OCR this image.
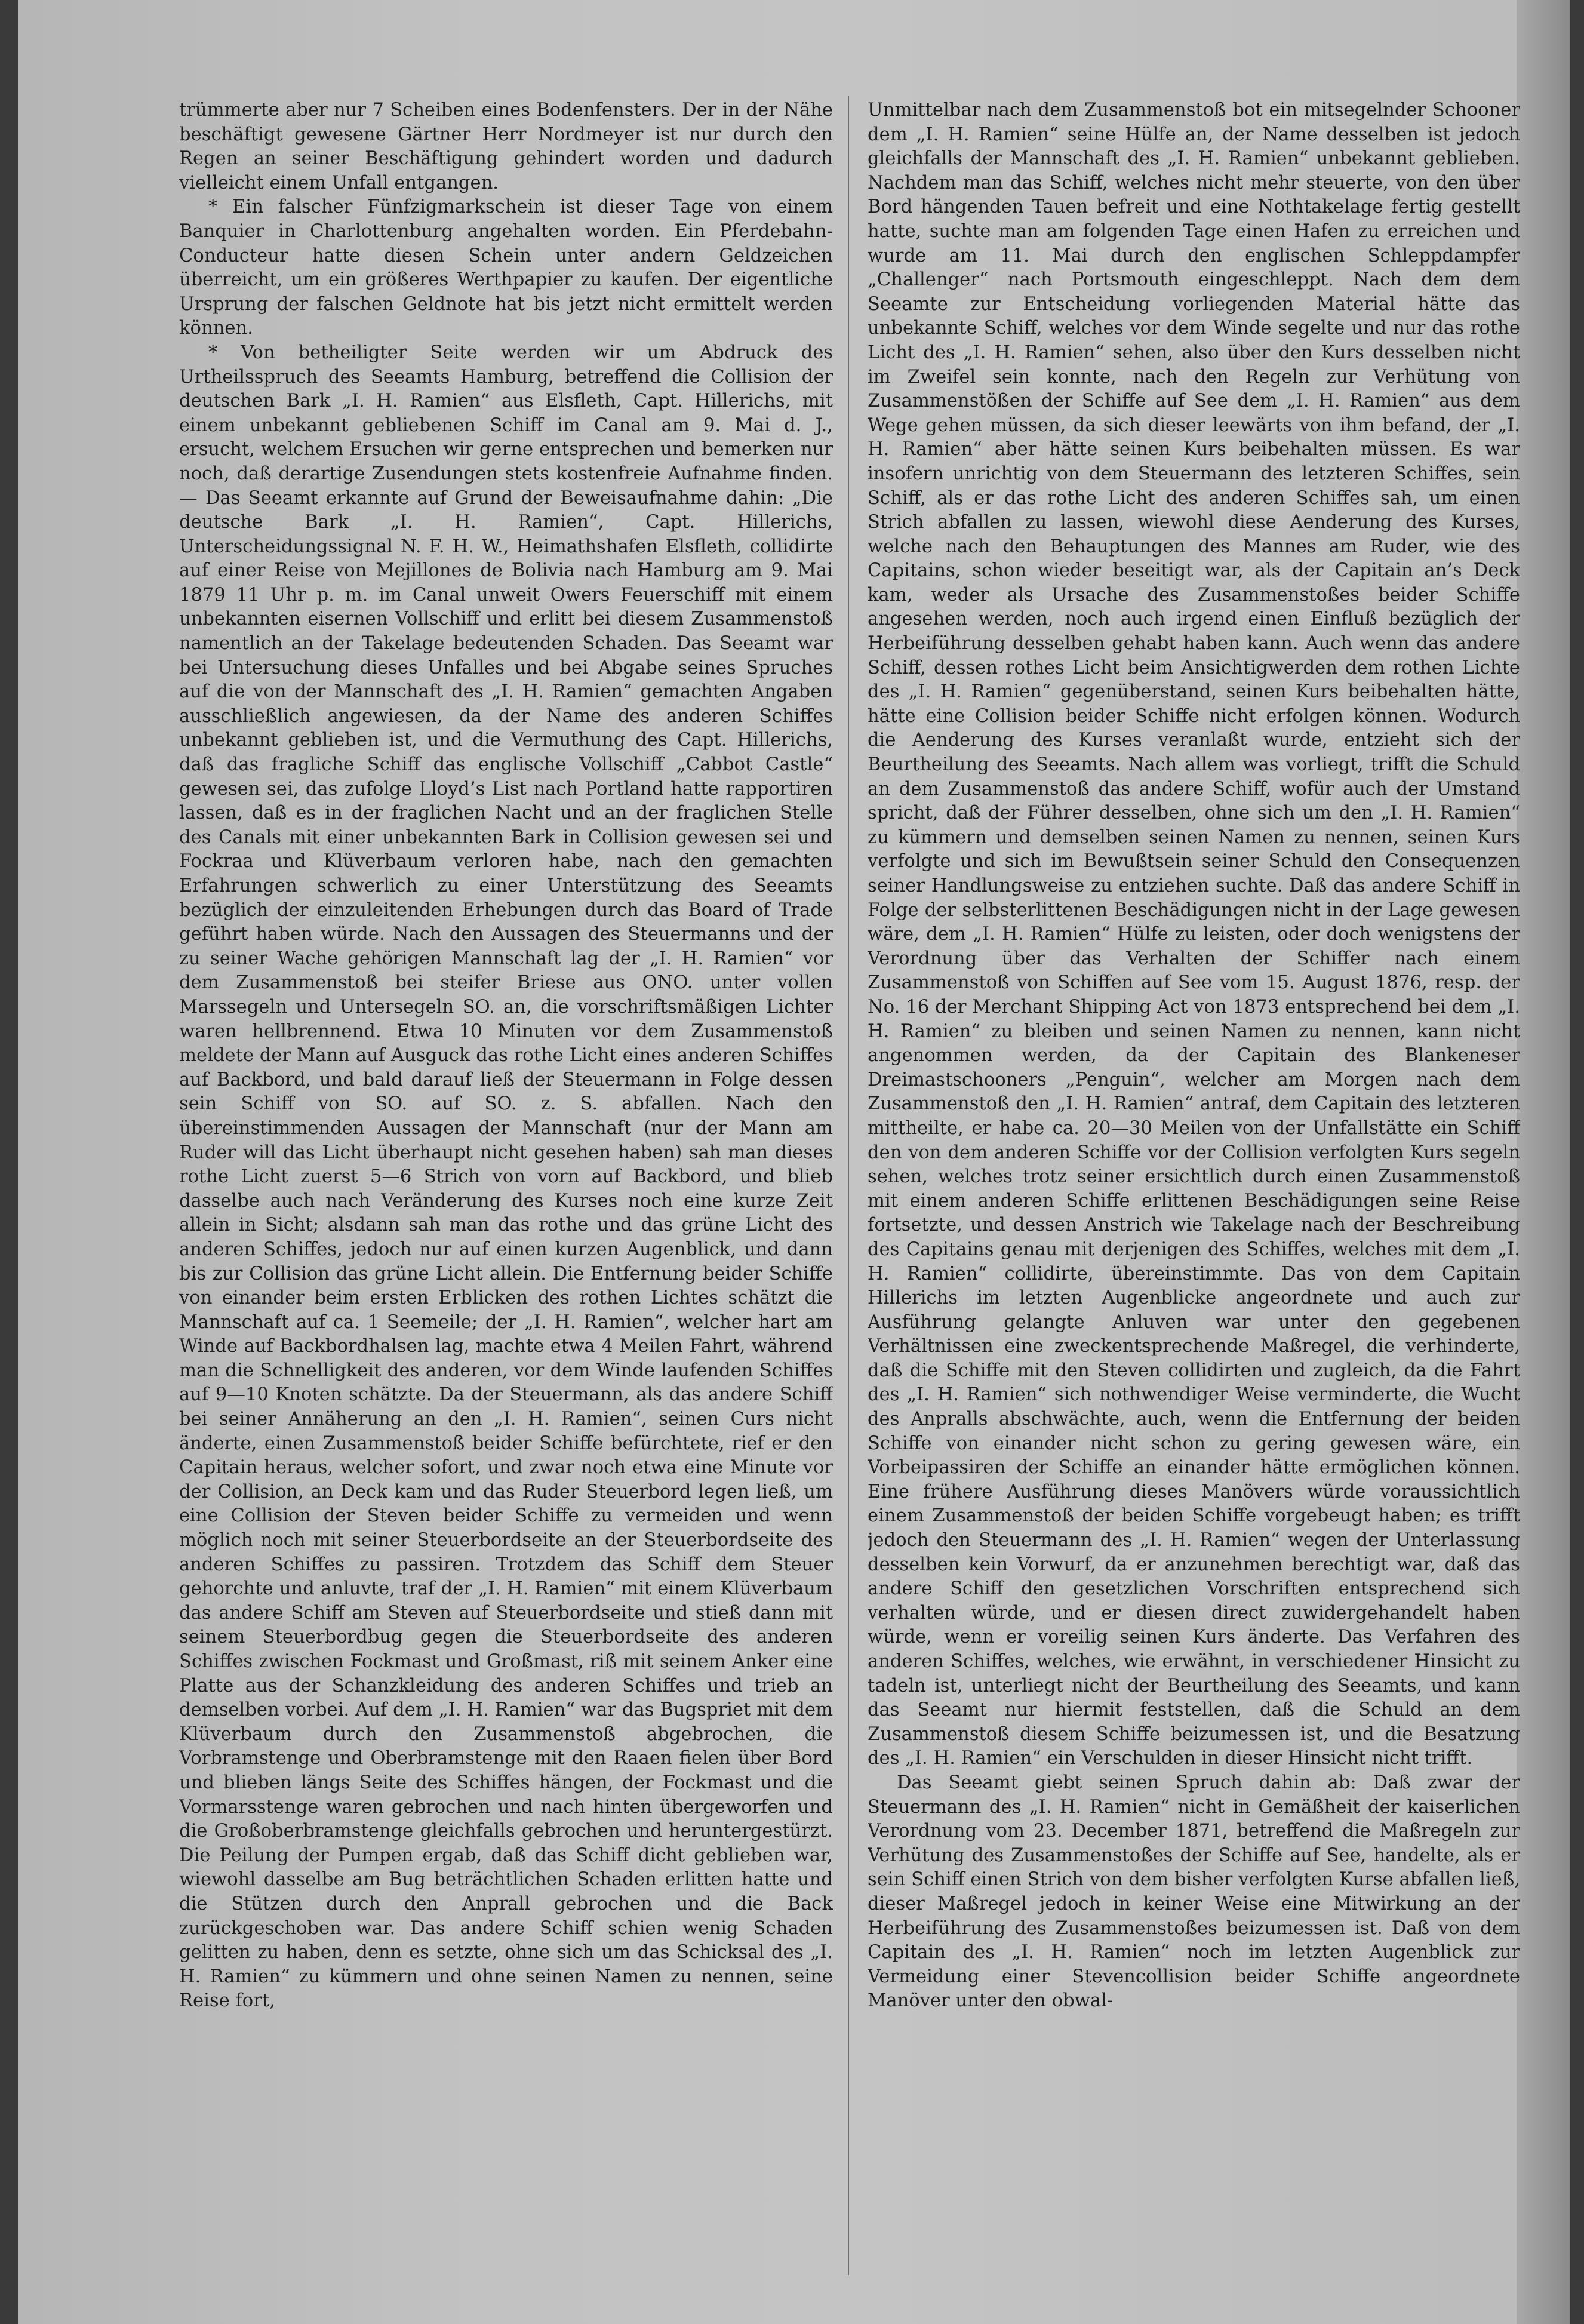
trümmerte aber nur 7 Scheiben eines Bodenfensters. Der in der Nähe beschäftigt gewesene Gärtner Herr Nordmeyer ist nur durch den Regen an seiner Beschäftigung gehindert worden und dadurch vielleicht einem Unfall entgangen.

* Ein falscher Fünfzigmarkschein ist dieser Tage von einem Banquier in Charlottenburg angehalten worden. Ein Pferdebahn-Conducteur hatte diesen Schein unter andern Geldzeichen überreicht, um ein größeres Werthpapier zu kaufen. Der eigentliche Ursprung der falschen Geldnote hat bis jetzt nicht ermittelt werden können.

* Von betheiligter Seite werden wir um Abdruck des Urtheilsspruch des Seeamts Hamburg, betreffend die Collision der deutschen Bark „I. H. Ramien“ aus Elsfleth, Capt. Hillerichs, mit einem unbekannt gebliebenen Schiff im Canal am 9. Mai d. J., ersucht, welchem Ersuchen wir gerne entsprechen und bemerken nur noch, daß derartige Zusendungen stets kostenfreie Aufnahme finden. — Das Seeamt erkannte auf Grund der Beweisaufnahme dahin: „Die deutsche Bark „I. H. Ramien“, Capt. Hillerichs, Unterscheidungssignal N. F. H. W., Heimathshafen Elsfleth, collidirte auf einer Reise von Mejillones de Bolivia nach Hamburg am 9. Mai 1879 11 Uhr p. m. im Canal unweit Owers Feuerschiff mit einem unbekannten eisernen Vollschiff und erlitt bei diesem Zusammenstoß namentlich an der Takelage bedeutenden Schaden. Das Seeamt war bei Untersuchung dieses Unfalles und bei Abgabe seines Spruches auf die von der Mannschaft des „I. H. Ramien“ gemachten Angaben ausschließlich angewiesen, da der Name des anderen Schiffes unbekannt geblieben ist, und die Vermuthung des Capt. Hillerichs, daß das fragliche Schiff das englische Vollschiff „Cabbot Castle“ gewesen sei, das zufolge Lloyd’s List nach Portland hatte rapportiren lassen, daß es in der fraglichen Nacht und an der fraglichen Stelle des Canals mit einer unbekannten Bark in Collision gewesen sei und Fockraa und Klüverbaum verloren habe, nach den gemachten Erfahrungen schwerlich zu einer Unterstützung des Seeamts bezüglich der einzuleitenden Erhebungen durch das Board of Trade geführt haben würde. Nach den Aussagen des Steuermanns und der zu seiner Wache gehörigen Mannschaft lag der „I. H. Ramien“ vor dem Zusammenstoß bei steifer Briese aus ONO. unter vollen Marssegeln und Untersegeln SO. an, die vorschriftsmäßigen Lichter waren hellbrennend. Etwa 10 Minuten vor dem Zusammenstoß meldete der Mann auf Ausguck das rothe Licht eines anderen Schiffes auf Backbord, und bald darauf ließ der Steuermann in Folge dessen sein Schiff von SO. auf SO. z. S. abfallen. Nach den übereinstimmenden Aussagen der Mannschaft (nur der Mann am Ruder will das Licht überhaupt nicht gesehen haben) sah man dieses rothe Licht zuerst 5—6 Strich von vorn auf Backbord, und blieb dasselbe auch nach Veränderung des Kurses noch eine kurze Zeit allein in Sicht; alsdann sah man das rothe und das grüne Licht des anderen Schiffes, jedoch nur auf einen kurzen Augenblick, und dann bis zur Collision das grüne Licht allein. Die Entfernung beider Schiffe von einander beim ersten Erblicken des rothen Lichtes schätzt die Mannschaft auf ca. 1 Seemeile; der „I. H. Ramien“, welcher hart am Winde auf Backbordhalsen lag, machte etwa 4 Meilen Fahrt, während man die Schnelligkeit des anderen, vor dem Winde laufenden Schiffes auf 9—10 Knoten schätzte. Da der Steuermann, als das andere Schiff bei seiner Annäherung an den „I. H. Ramien“, seinen Curs nicht änderte, einen Zusammenstoß beider Schiffe befürchtete, rief er den Capitain heraus, welcher sofort, und zwar noch etwa eine Minute vor der Collision, an Deck kam und das Ruder Steuerbord legen ließ, um eine Collision der Steven beider Schiffe zu vermeiden und wenn möglich noch mit seiner Steuerbordseite an der Steuerbordseite des anderen Schiffes zu passiren. Trotzdem das Schiff dem Steuer gehorchte und anluvte, traf der „I. H. Ramien“ mit einem Klüverbaum das andere Schiff am Steven auf Steuerbordseite und stieß dann mit seinem Steuerbordbug gegen die Steuerbordseite des anderen Schiffes zwischen Fockmast und Großmast, riß mit seinem Anker eine Platte aus der Schanzkleidung des anderen Schiffes und trieb an demselben vorbei. Auf dem „I. H. Ramien“ war das Bugspriet mit dem Klüverbaum durch den Zusammenstoß abgebrochen, die Vorbramstenge und Oberbramstenge mit den Raaen fielen über Bord und blieben längs Seite des Schiffes hängen, der Fockmast und die Vormarsstenge waren gebrochen und nach hinten übergeworfen und die Großoberbramstenge gleichfalls gebrochen und heruntergestürzt. Die Peilung der Pumpen ergab, daß das Schiff dicht geblieben war, wiewohl dasselbe am Bug beträchtlichen Schaden erlitten hatte und die Stützen durch den Anprall gebrochen und die Back zurückgeschoben war. Das andere Schiff schien wenig Schaden gelitten zu haben, denn es setzte, ohne sich um das Schicksal des „I. H. Ramien“ zu kümmern und ohne seinen Namen zu nennen, seine Reise fort,

Unmittelbar nach dem Zusammenstoß bot ein mitsegelnder Schooner dem „I. H. Ramien“ seine Hülfe an, der Name desselben ist jedoch gleichfalls der Mannschaft des „I. H. Ramien“ unbekannt geblieben. Nachdem man das Schiff, welches nicht mehr steuerte, von den über Bord hängenden Tauen befreit und eine Nothtakelage fertig gestellt hatte, suchte man am folgenden Tage einen Hafen zu erreichen und wurde am 11. Mai durch den englischen Schleppdampfer „Challenger“ nach Portsmouth eingeschleppt. Nach dem dem Seeamte zur Entscheidung vorliegenden Material hätte das unbekannte Schiff, welches vor dem Winde segelte und nur das rothe Licht des „I. H. Ramien“ sehen, also über den Kurs desselben nicht im Zweifel sein konnte, nach den Regeln zur Verhütung von Zusammenstößen der Schiffe auf See dem „I. H. Ramien“ aus dem Wege gehen müssen, da sich dieser leewärts von ihm befand, der „I. H. Ramien“ aber hätte seinen Kurs beibehalten müssen. Es war insofern unrichtig von dem Steuermann des letzteren Schiffes, sein Schiff, als er das rothe Licht des anderen Schiffes sah, um einen Strich abfallen zu lassen, wiewohl diese Aenderung des Kurses, welche nach den Behauptungen des Mannes am Ruder, wie des Capitains, schon wieder beseitigt war, als der Capitain an’s Deck kam, weder als Ursache des Zusammenstoßes beider Schiffe angesehen werden, noch auch irgend einen Einfluß bezüglich der Herbeiführung desselben gehabt haben kann. Auch wenn das andere Schiff, dessen rothes Licht beim Ansichtigwerden dem rothen Lichte des „I. H. Ramien“ gegenüberstand, seinen Kurs beibehalten hätte, hätte eine Collision beider Schiffe nicht erfolgen können. Wodurch die Aenderung des Kurses veranlaßt wurde, entzieht sich der Beurtheilung des Seeamts. Nach allem was vorliegt, trifft die Schuld an dem Zusammenstoß das andere Schiff, wofür auch der Umstand spricht, daß der Führer desselben, ohne sich um den „I. H. Ramien“ zu kümmern und demselben seinen Namen zu nennen, seinen Kurs verfolgte und sich im Bewußtsein seiner Schuld den Consequenzen seiner Handlungsweise zu entziehen suchte. Daß das andere Schiff in Folge der selbsterlittenen Beschädigungen nicht in der Lage gewesen wäre, dem „I. H. Ramien“ Hülfe zu leisten, oder doch wenigstens der Verordnung über das Verhalten der Schiffer nach einem Zusammenstoß von Schiffen auf See vom 15. August 1876, resp. der No. 16 der Merchant Shipping Act von 1873 entsprechend bei dem „I. H. Ramien“ zu bleiben und seinen Namen zu nennen, kann nicht angenommen werden, da der Capitain des Blankeneser Dreimastschooners „Penguin“, welcher am Morgen nach dem Zusammenstoß den „I. H. Ramien“ antraf, dem Capitain des letzteren mittheilte, er habe ca. 20—30 Meilen von der Unfallstätte ein Schiff den von dem anderen Schiffe vor der Collision verfolgten Kurs segeln sehen, welches trotz seiner ersichtlich durch einen Zusammenstoß mit einem anderen Schiffe erlittenen Beschädigungen seine Reise fortsetzte, und dessen Anstrich wie Takelage nach der Beschreibung des Capitains genau mit derjenigen des Schiffes, welches mit dem „I. H. Ramien“ collidirte, übereinstimmte. Das von dem Capitain Hillerichs im letzten Augenblicke angeordnete und auch zur Ausführung gelangte Anluven war unter den gegebenen Verhältnissen eine zweckentsprechende Maßregel, die verhinderte, daß die Schiffe mit den Steven collidirten und zugleich, da die Fahrt des „I. H. Ramien“ sich nothwendiger Weise verminderte, die Wucht des Anpralls abschwächte, auch, wenn die Entfernung der beiden Schiffe von einander nicht schon zu gering gewesen wäre, ein Vorbeipassiren der Schiffe an einander hätte ermöglichen können. Eine frühere Ausführung dieses Manövers würde voraussichtlich einem Zusammenstoß der beiden Schiffe vorgebeugt haben; es trifft jedoch den Steuermann des „I. H. Ramien“ wegen der Unterlassung desselben kein Vorwurf, da er anzunehmen berechtigt war, daß das andere Schiff den gesetzlichen Vorschriften entsprechend sich verhalten würde, und er diesen direct zuwidergehandelt haben würde, wenn er voreilig seinen Kurs änderte. Das Verfahren des anderen Schiffes, welches, wie erwähnt, in verschiedener Hinsicht zu tadeln ist, unterliegt nicht der Beurtheilung des Seeamts, und kann das Seeamt nur hiermit feststellen, daß die Schuld an dem Zusammenstoß diesem Schiffe beizumessen ist, und die Besatzung des „I. H. Ramien“ ein Verschulden in dieser Hinsicht nicht trifft.

Das Seeamt giebt seinen Spruch dahin ab: Daß zwar der Steuermann des „I. H. Ramien“ nicht in Gemäßheit der kaiserlichen Verordnung vom 23. December 1871, betreffend die Maßregeln zur Verhütung des Zusammenstoßes der Schiffe auf See, handelte, als er sein Schiff einen Strich von dem bisher verfolgten Kurse abfallen ließ, dieser Maßregel jedoch in keiner Weise eine Mitwirkung an der Herbeiführung des Zusammenstoßes beizumessen ist. Daß von dem Capitain des „I. H. Ramien“ noch im letzten Augenblick zur Vermeidung einer Stevencollision beider Schiffe angeordnete Manöver unter den obwal-
